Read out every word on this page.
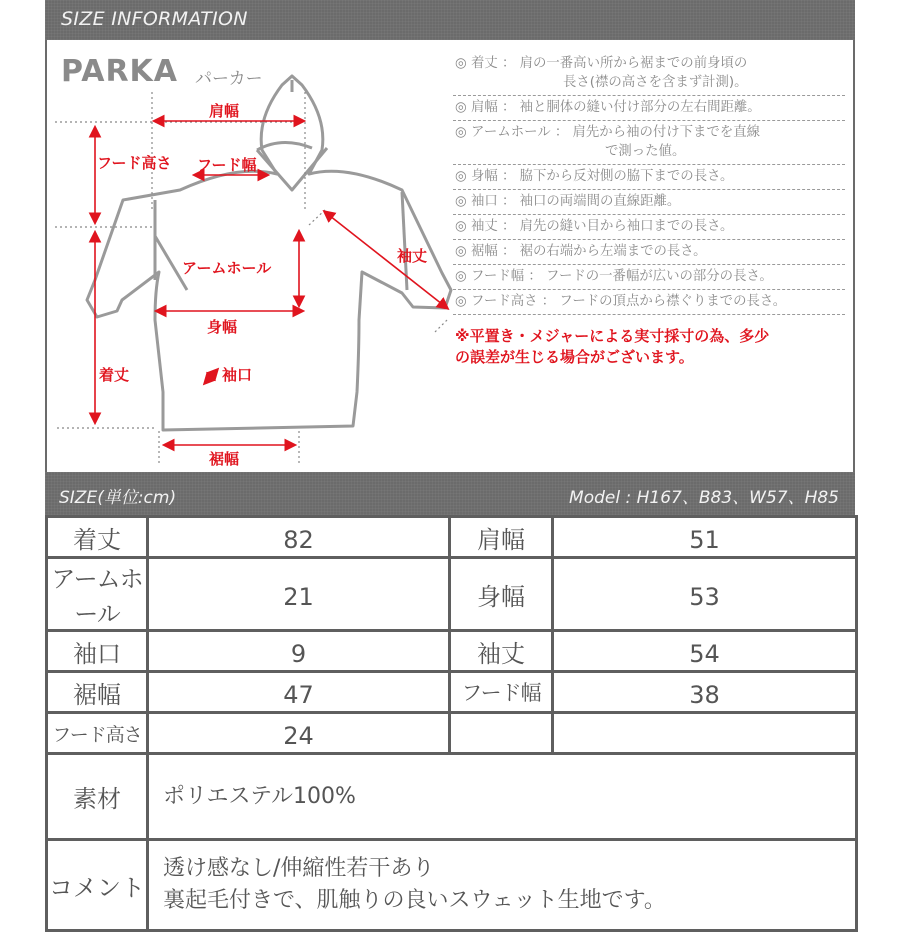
SIZE INFORMATION
PARKA パーカー
肩幅
フード高さ フード幅
袖丈
アームホール
身幅
袖口
着丈
裾幅
◎ 着丈 ： 肩の一番高い所から裾までの前身頃の
長さ(襟の高さを含まず計測)。
◎ 肩幅 ： 袖と胴体の縫い付け部分の左右間距離。
◎ アームホール ： 肩先から袖の付け下までを直線
で測った値。
◎ 身幅 ： 脇下から反対側の脇下までの長さ。
◎ 袖口 ： 袖口の両端間の直線距離。
◎ 袖丈 ： 肩先の縫い目から袖口までの長さ。
◎ 裾幅 ： 裾の右端から左端までの長さ。
◎ フード幅 ： フードの一番幅が広いの部分の長さ。
◎ フード高さ ： フードの頂点から襟ぐりまでの長さ。
※平置き・メジャーによる実寸採寸の為、多少
の誤差が生じる場合がございます。
SIZE(単位:cm)	Model : H167、B83、W57、H85
着丈	82	肩幅	51
アームホール	21	身幅	53
袖口	9	袖丈	54
裾幅	47	フード幅	38
フード高さ	24		
素材	ポリエステル100%		
コメント	透け感なし/伸縮性若干あり
裏起毛付きで、肌触りの良いスウェット生地です。		
